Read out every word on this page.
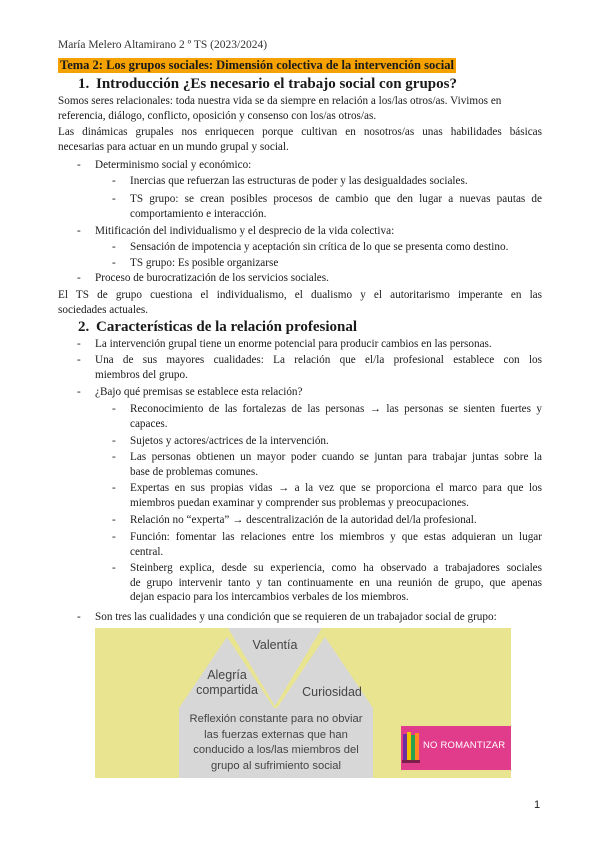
María Melero Altamirano 2 º TS (2023/2024)
Tema 2: Los grupos sociales: Dimensión colectiva de la intervención social
1. Introducción ¿Es necesario el trabajo social con grupos?
Somos seres relacionales: toda nuestra vida se da siempre en relación a los/las otros/as. Vivimos en
referencia, diálogo, conflicto, oposición y consenso con los/as otros/as.
Las dinámicas grupales nos enriquecen porque cultivan en nosotros/as unas habilidades básicas
necesarias para actuar en un mundo grupal y social.
- Determinismo social y económico:
- Inercias que refuerzan las estructuras de poder y las desigualdades sociales.
- TS grupo: se crean posibles procesos de cambio que den lugar a nuevas pautas de
comportamiento e interacción.
- Mitificación del individualismo y el desprecio de la vida colectiva:
- Sensación de impotencia y aceptación sin crítica de lo que se presenta como destino.
- TS grupo: Es posible organizarse
- Proceso de burocratización de los servicios sociales.
El TS de grupo cuestiona el individualismo, el dualismo y el autoritarismo imperante en las
sociedades actuales.
2. Características de la relación profesional
- La intervención grupal tiene un enorme potencial para producir cambios en las personas.
- Una de sus mayores cualidades: La relación que el/la profesional establece con los
miembros del grupo.
- ¿Bajo qué premisas se establece esta relación?
- Reconocimiento de las fortalezas de las personas → las personas se sienten fuertes y
capaces.
- Sujetos y actores/actrices de la intervención.
- Las personas obtienen un mayor poder cuando se juntan para trabajar juntas sobre la
base de problemas comunes.
- Expertas en sus propias vidas → a la vez que se proporciona el marco para que los
miembros puedan examinar y comprender sus problemas y preocupaciones.
- Relación no “experta” → descentralización de la autoridad del/la profesional.
- Función: fomentar las relaciones entre los miembros y que estas adquieran un lugar
central.
- Steinberg explica, desde su experiencia, como ha observado a trabajadores sociales
de grupo intervenir tanto y tan continuamente en una reunión de grupo, que apenas
dejan espacio para los intercambios verbales de los miembros.
- Son tres las cualidades y una condición que se requieren de un trabajador social de grupo:
Valentía
Alegría
compartida	Curiosidad
Reflexión constante para no obviar
las fuerzas externas que han
conducido a los/las miembros del
grupo al sufrimiento social
NO ROMANTIZAR
1
